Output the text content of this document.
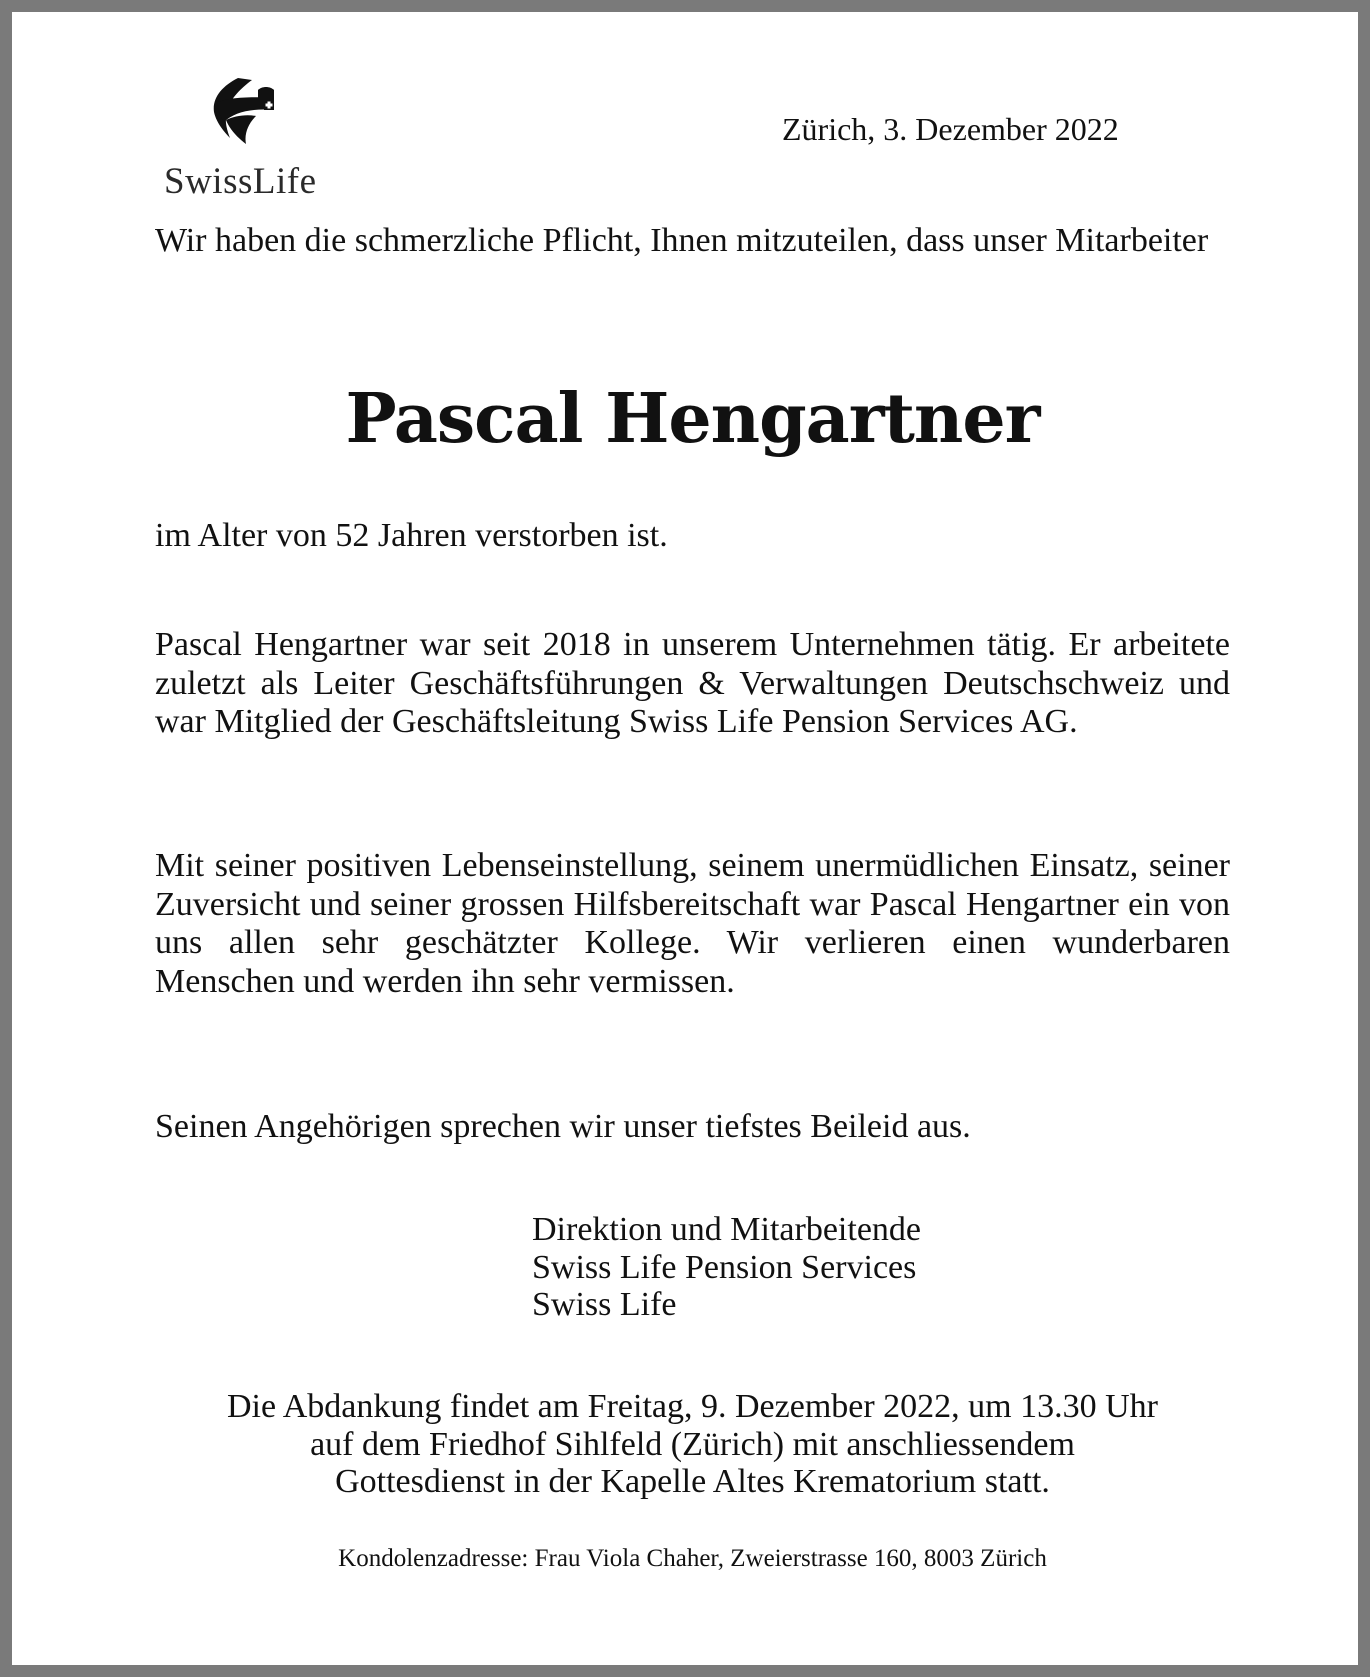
SwissLife
Zürich, 3. Dezember 2022
Wir haben die schmerzliche Pflicht, Ihnen mitzuteilen, dass unser Mitarbeiter
Pascal Hengartner
im Alter von 52 Jahren verstorben ist.
Pascal Hengartner war seit 2018 in unserem Unternehmen tätig. Er arbeitete zuletzt als Leiter Geschäftsführungen & Verwaltungen Deutschschweiz und war Mitglied der Geschäftsleitung Swiss Life Pension Services AG.
Mit seiner positiven Lebenseinstellung, seinem unermüdlichen Einsatz, seiner Zuversicht und seiner grossen Hilfsbereitschaft war Pascal Hengartner ein von uns allen sehr geschätzter Kollege. Wir verlieren einen wunderbaren Menschen und werden ihn sehr vermissen.
Seinen Angehörigen sprechen wir unser tiefstes Beileid aus.
Direktion und Mitarbeitende
Swiss Life Pension Services
Swiss Life
Die Abdankung findet am Freitag, 9. Dezember 2022, um 13.30 Uhr
auf dem Friedhof Sihlfeld (Zürich) mit anschliessendem
Gottesdienst in der Kapelle Altes Krematorium statt.
Kondolenzadresse: Frau Viola Chaher, Zweierstrasse 160, 8003 Zürich
